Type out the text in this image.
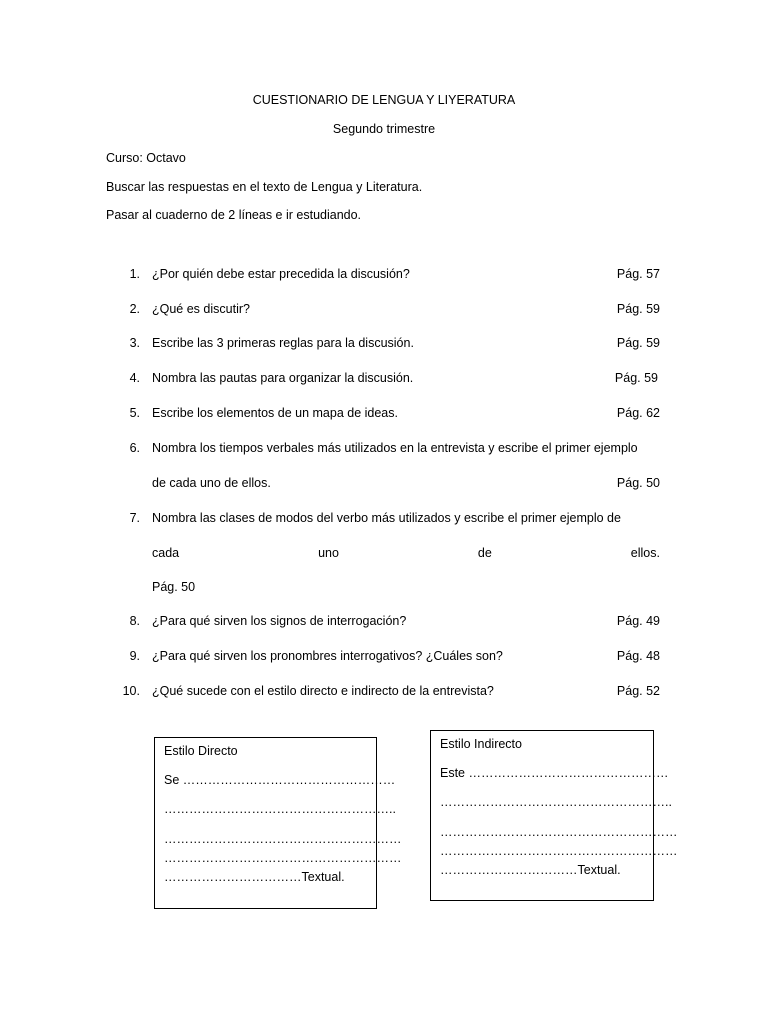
CUESTIONARIO DE LENGUA Y LIYERATURA
Segundo trimestre
Curso: Octavo
Buscar las respuestas en el texto de Lengua y Literatura.
Pasar al cuaderno de 2 líneas e ir estudiando.
1. ¿Por quién debe estar precedida la discusión?	Pág. 57
2. ¿Qué es discutir?	Pág. 59
3. Escribe las 3 primeras reglas para la discusión.	Pág. 59
4. Nombra las pautas para organizar la discusión.	Pág. 59
5. Escribe los elementos de un mapa de ideas.	Pág. 62
6. Nombra los tiempos verbales más utilizados en la entrevista y escribe el primer ejemplo
de cada uno de ellos.	Pág. 50
7. Nombra las clases de modos del verbo más utilizados y escribe el primer ejemplo de
cada	uno	de	ellos.
Pág. 50
8. ¿Para qué sirven los signos de interrogación?	Pág. 49
9. ¿Para qué sirven los pronombres interrogativos? ¿Cuáles son?	Pág. 48
10. ¿Qué sucede con el estilo directo e indirecto de la entrevista?	Pág. 52
Estilo Directo
Se ……………………………………………
………………………………………………..
…………………………………………………
…………………………………………………
……………………………Textual.
Estilo Indirecto
Este …………………………………………
………………………………………………..
…………………………………………………
…………………………………………………
……………………………Textual.
